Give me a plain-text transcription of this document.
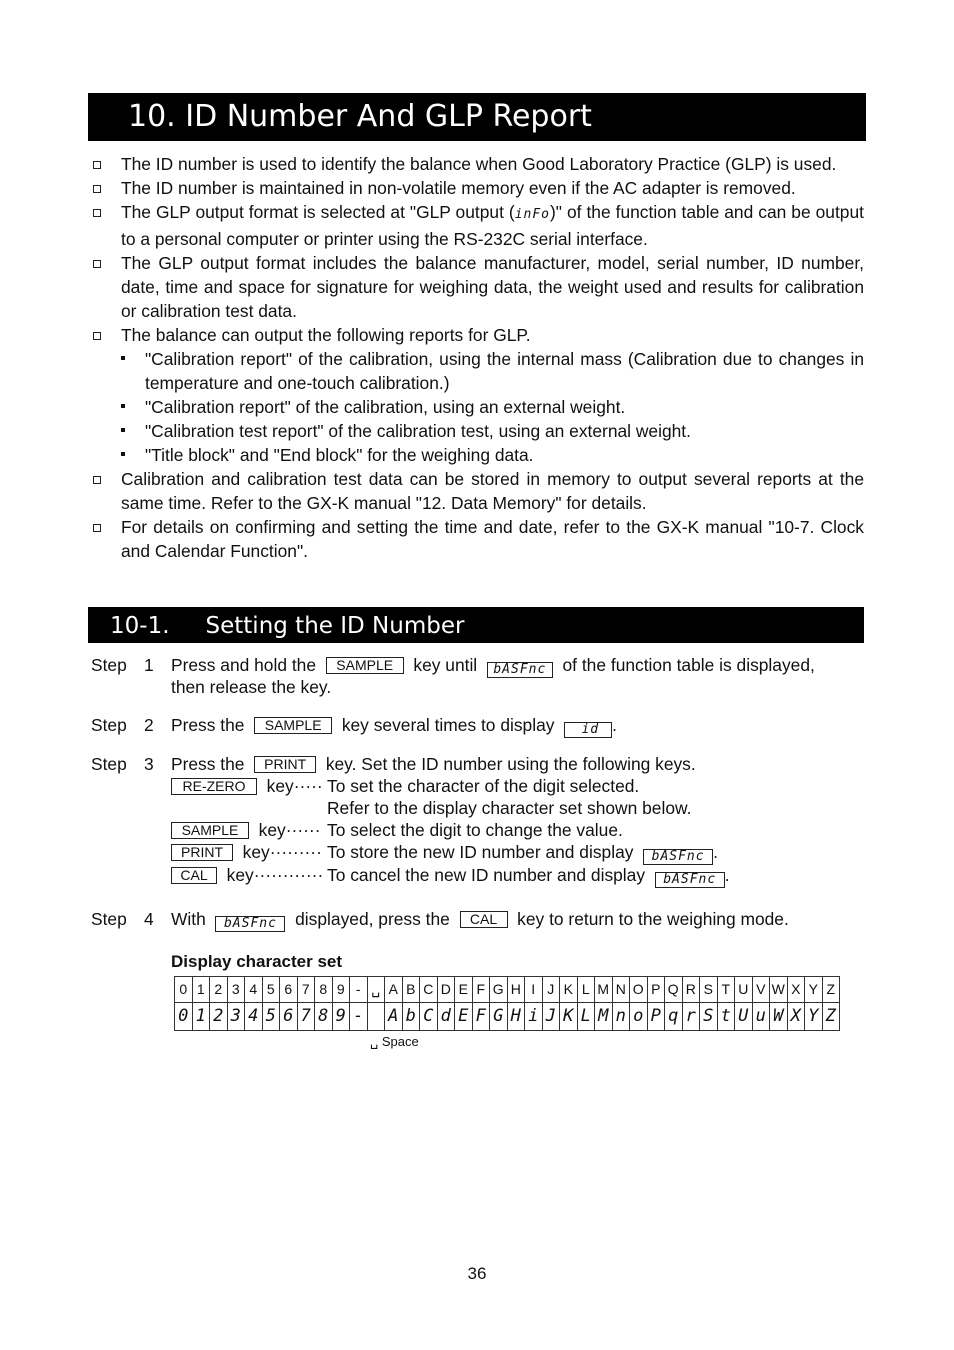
10. ID Number And GLP Report
The ID number is used to identify the balance when Good Laboratory Practice (GLP) is used.
The ID number is maintained in non-volatile memory even if the AC adapter is removed.
The GLP output format is selected at "GLP output (inFo)" of the function table and can be output to a personal computer or printer using the RS-232C serial interface.
The GLP output format includes the balance manufacturer, model, serial number, ID number, date, time and space for signature for weighing data, the weight used and results for calibration or calibration test data.
The balance can output the following reports for GLP.
"Calibration report" of the calibration, using the internal mass (Calibration due to changes in temperature and one-touch calibration.)
"Calibration report" of the calibration, using an external weight.
"Calibration test report" of the calibration test, using an external weight.
"Title block" and "End block" for the weighing data.
Calibration and calibration test data can be stored in memory to output several reports at the same time. Refer to the GX-K manual "12. Data Memory" for details.
For details on confirming and setting the time and date, refer to the GX-K manual "10-7. Clock and Calendar Function".
10-1. Setting the ID Number
Step 1 Press and hold the SAMPLE key until bASFnc of the function table is displayed,
then release the key.
Step 2 Press the SAMPLE key several times to display id .
Step 3 Press the PRINT key. Set the ID number using the following keys.
RE-ZERO key····· To set the character of the digit selected.
Refer to the display character set shown below.
SAMPLE key······ To select the digit to change the value.
PRINT key········· To store the new ID number and display bASFnc .
CAL key············ To cancel the new ID number and display bASFnc .
Step 4 With bASFnc displayed, press the CAL key to return to the weighing mode.
Display character set
0	1	2	3	4	5	6	7	8	9	-	␣	A	B	C	D	E	F	G	H	I	J	K	L	M	N	O	P	Q	R	S	T	U	V	W	X	Y	Z
0	1	2	3	4	5	6	7	8	9	-		A	b	C	d	E	F	G	H	i	J	K	L	M	n	o	P	q	r	S	t	U	u	W	X	Y	Z
␣ Space
36
